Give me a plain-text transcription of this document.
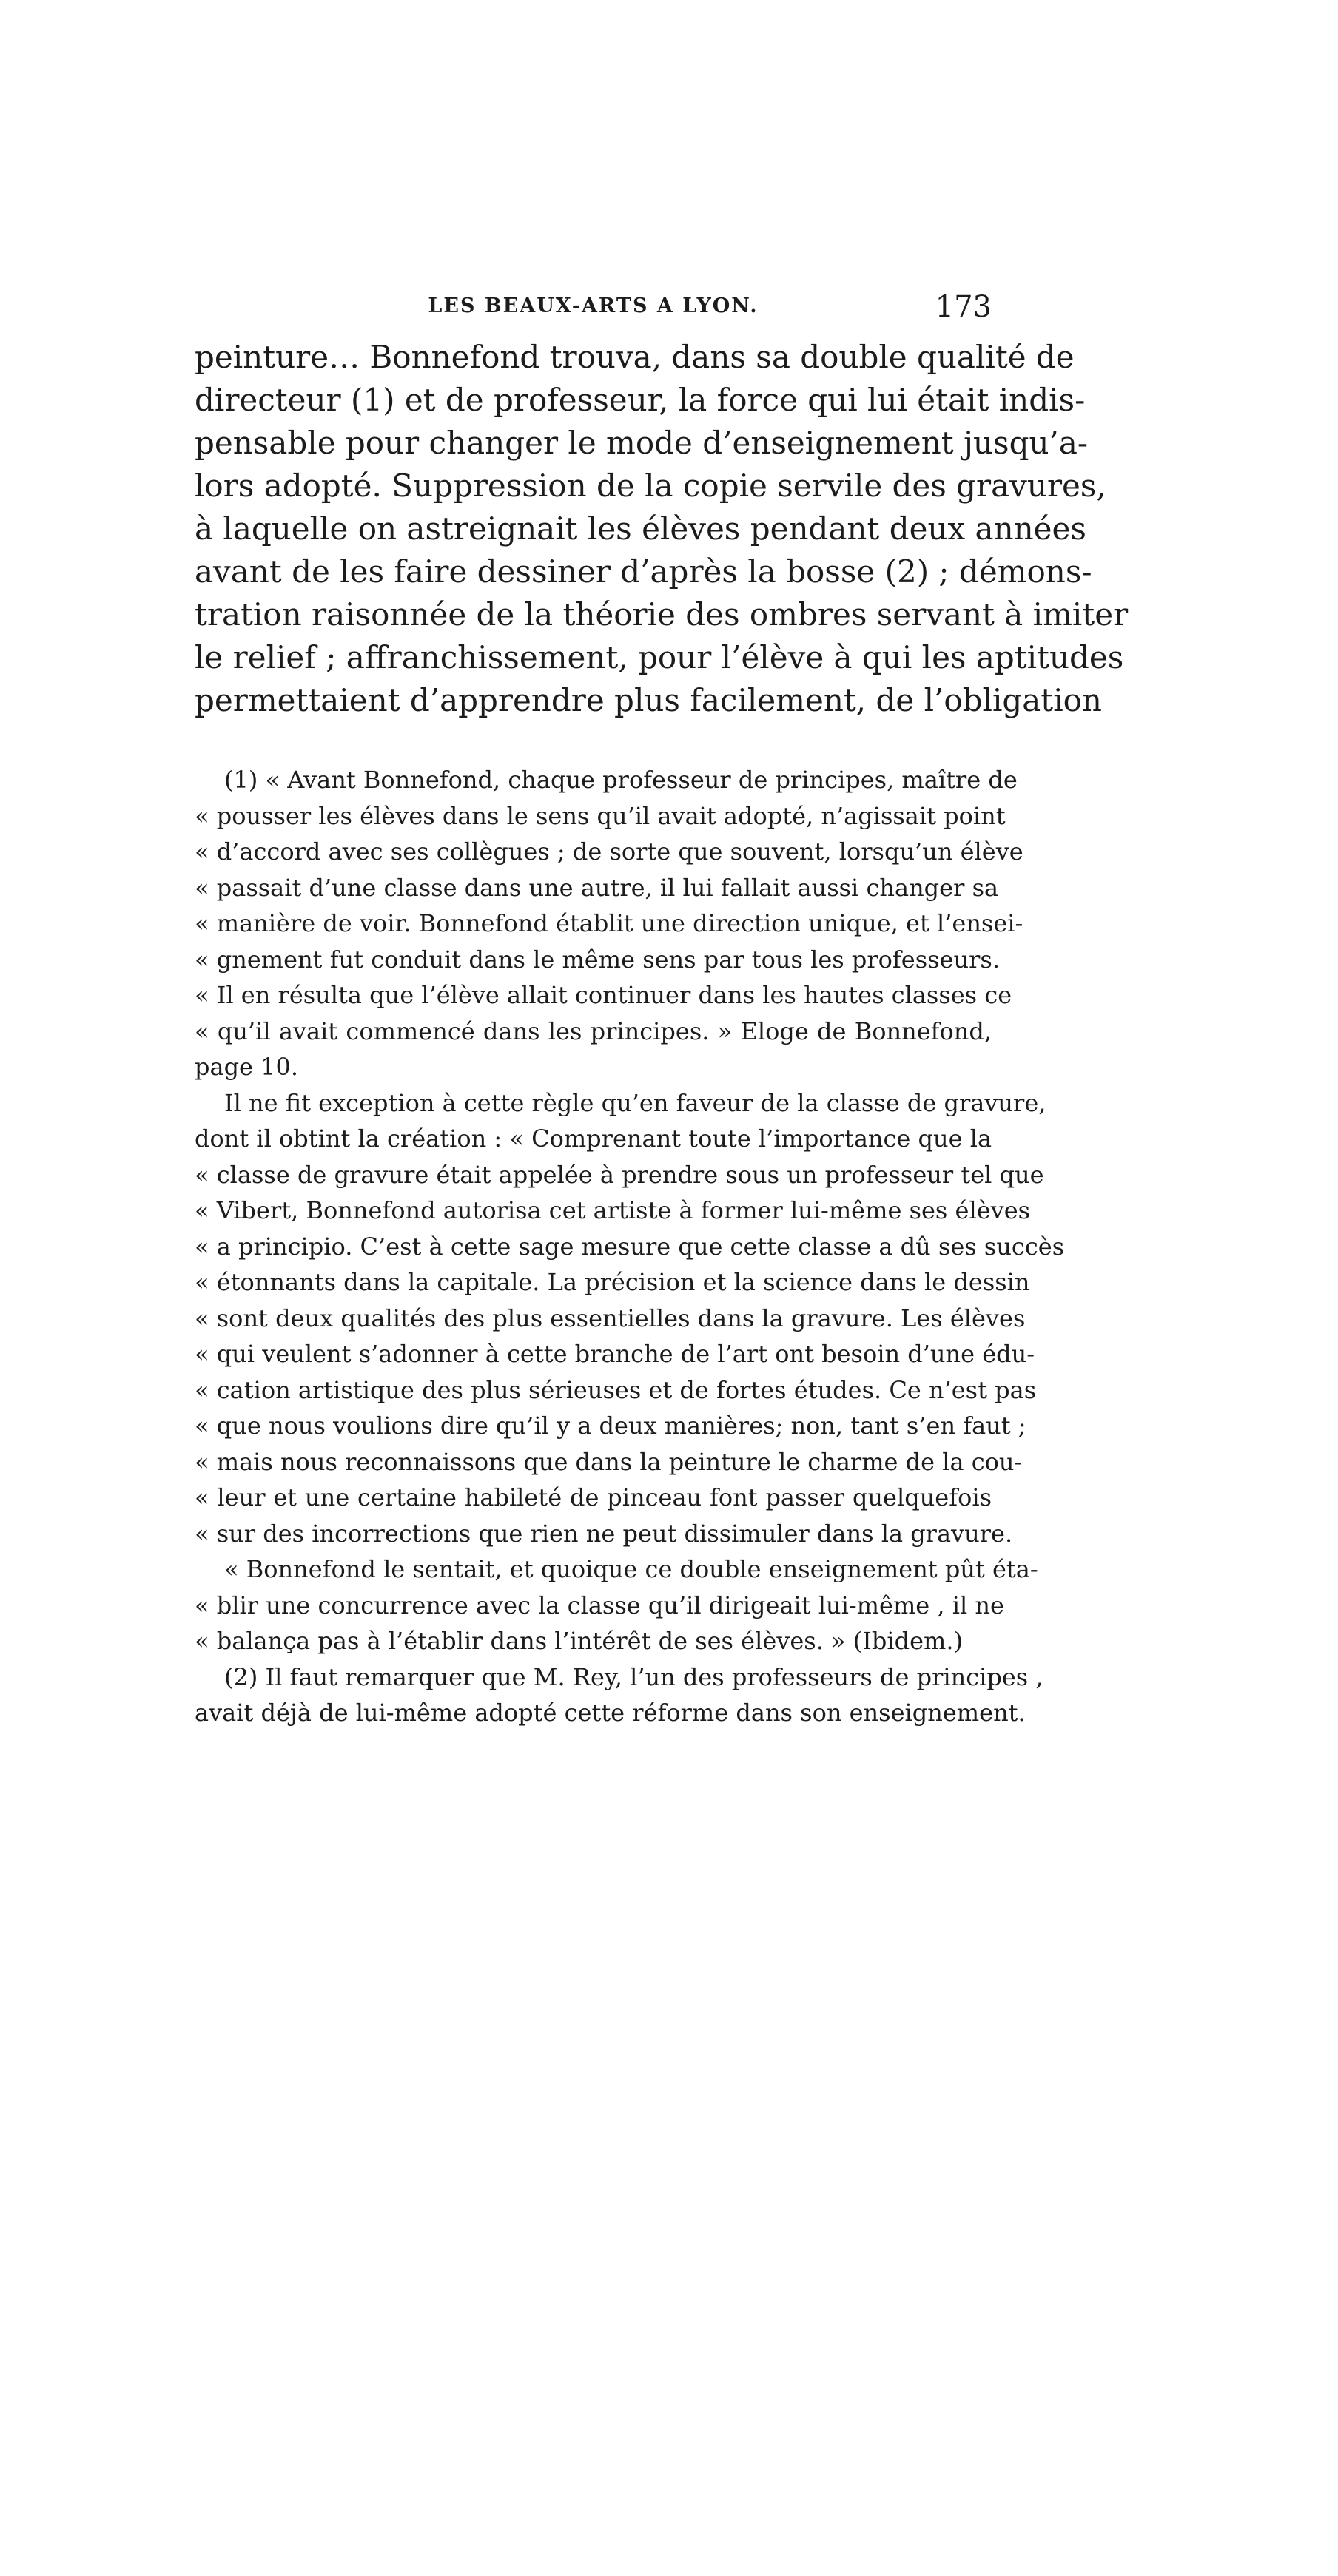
LES BEAUX-ARTS A LYON.	173
peinture… Bonnefond trouva, dans sa double qualité de
directeur (1) et de professeur, la force qui lui était indis-
pensable pour changer le mode d’enseignement jusqu’a-
lors adopté. Suppression de la copie servile des gravures,
à laquelle on astreignait les élèves pendant deux années
avant de les faire dessiner d’après la bosse (2) ; démons-
tration raisonnée de la théorie des ombres servant à imiter
le relief ; affranchissement, pour l’élève à qui les aptitudes
permettaient d’apprendre plus facilement, de l’obligation
(1) « Avant Bonnefond, chaque professeur de principes, maître de
« pousser les élèves dans le sens qu’il avait adopté, n’agissait point
« d’accord avec ses collègues ; de sorte que souvent, lorsqu’un élève
« passait d’une classe dans une autre, il lui fallait aussi changer sa
« manière de voir. Bonnefond établit une direction unique, et l’ensei-
« gnement fut conduit dans le même sens par tous les professeurs.
« Il en résulta que l’élève allait continuer dans les hautes classes ce
« qu’il avait commencé dans les principes. » Eloge de Bonnefond,
page 10.
Il ne fit exception à cette règle qu’en faveur de la classe de gravure,
dont il obtint la création : « Comprenant toute l’importance que la
« classe de gravure était appelée à prendre sous un professeur tel que
« Vibert, Bonnefond autorisa cet artiste à former lui-même ses élèves
« a principio. C’est à cette sage mesure que cette classe a dû ses succès
« étonnants dans la capitale. La précision et la science dans le dessin
« sont deux qualités des plus essentielles dans la gravure. Les élèves
« qui veulent s’adonner à cette branche de l’art ont besoin d’une édu-
« cation artistique des plus sérieuses et de fortes études. Ce n’est pas
« que nous voulions dire qu’il y a deux manières; non, tant s’en faut ;
« mais nous reconnaissons que dans la peinture le charme de la cou-
« leur et une certaine habileté de pinceau font passer quelquefois
« sur des incorrections que rien ne peut dissimuler dans la gravure.
« Bonnefond le sentait, et quoique ce double enseignement pût éta-
« blir une concurrence avec la classe qu’il dirigeait lui-même , il ne
« balança pas à l’établir dans l’intérêt de ses élèves. » (Ibidem.)
(2) Il faut remarquer que M. Rey, l’un des professeurs de principes ,
avait déjà de lui-même adopté cette réforme dans son enseignement.
